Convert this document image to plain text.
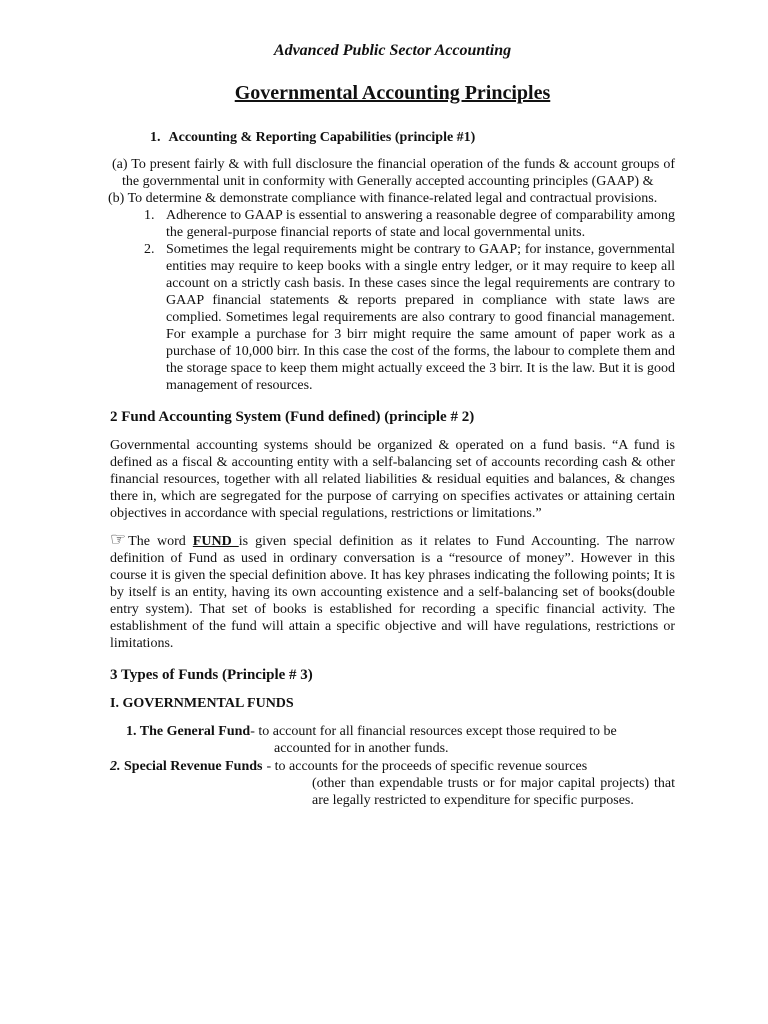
Advanced Public Sector Accounting
Governmental Accounting Principles
1. Accounting & Reporting Capabilities (principle #1)

(a) To present fairly & with full disclosure the financial operation of the funds & account groups of the governmental unit in conformity with Generally accepted accounting principles (GAAP) &

(b) To determine & demonstrate compliance with finance-related legal and contractual provisions.

1. Adherence to GAAP is essential to answering a reasonable degree of comparability among the general-purpose financial reports of state and local governmental units.
2. Sometimes the legal requirements might be contrary to GAAP; for instance, governmental entities may require to keep books with a single entry ledger, or it may require to keep all account on a strictly cash basis. In these cases since the legal requirements are contrary to GAAP financial statements & reports prepared in compliance with state laws are complied. Sometimes legal requirements are also contrary to good financial management. For example a purchase for 3 birr might require the same amount of paper work as a purchase of 10,000 birr. In this case the cost of the forms, the labour to complete them and the storage space to keep them might actually exceed the 3 birr. It is the law. But it is good management of resources.
2 Fund Accounting System (Fund defined) (principle # 2)

Governmental accounting systems should be organized & operated on a fund basis. “A fund is defined as a fiscal & accounting entity with a self-balancing set of accounts recording cash & other financial resources, together with all related liabilities & residual equities and balances, & changes there in, which are segregated for the purpose of carrying on specifies activates or attaining certain objectives in accordance with special regulations, restrictions or limitations.”

☞ The word FUND is given special definition as it relates to Fund Accounting. The narrow definition of Fund as used in ordinary conversation is a “resource of money”. However in this course it is given the special definition above. It has key phrases indicating the following points; It is by itself is an entity, having its own accounting existence and a self-balancing set of books(double entry system). That set of books is established for recording a specific financial activity. The establishment of the fund will attain a specific objective and will have regulations, restrictions or limitations.

3 Types of Funds (Principle # 3)
I. GOVERNMENTAL FUNDS
1. The General Fund- to account for all financial resources except those required to be
accounted for in another funds.
2. Special Revenue Funds - to accounts for the proceeds of specific revenue sources
(other than expendable trusts or for major capital projects) that are legally restricted to expenditure for specific purposes.
